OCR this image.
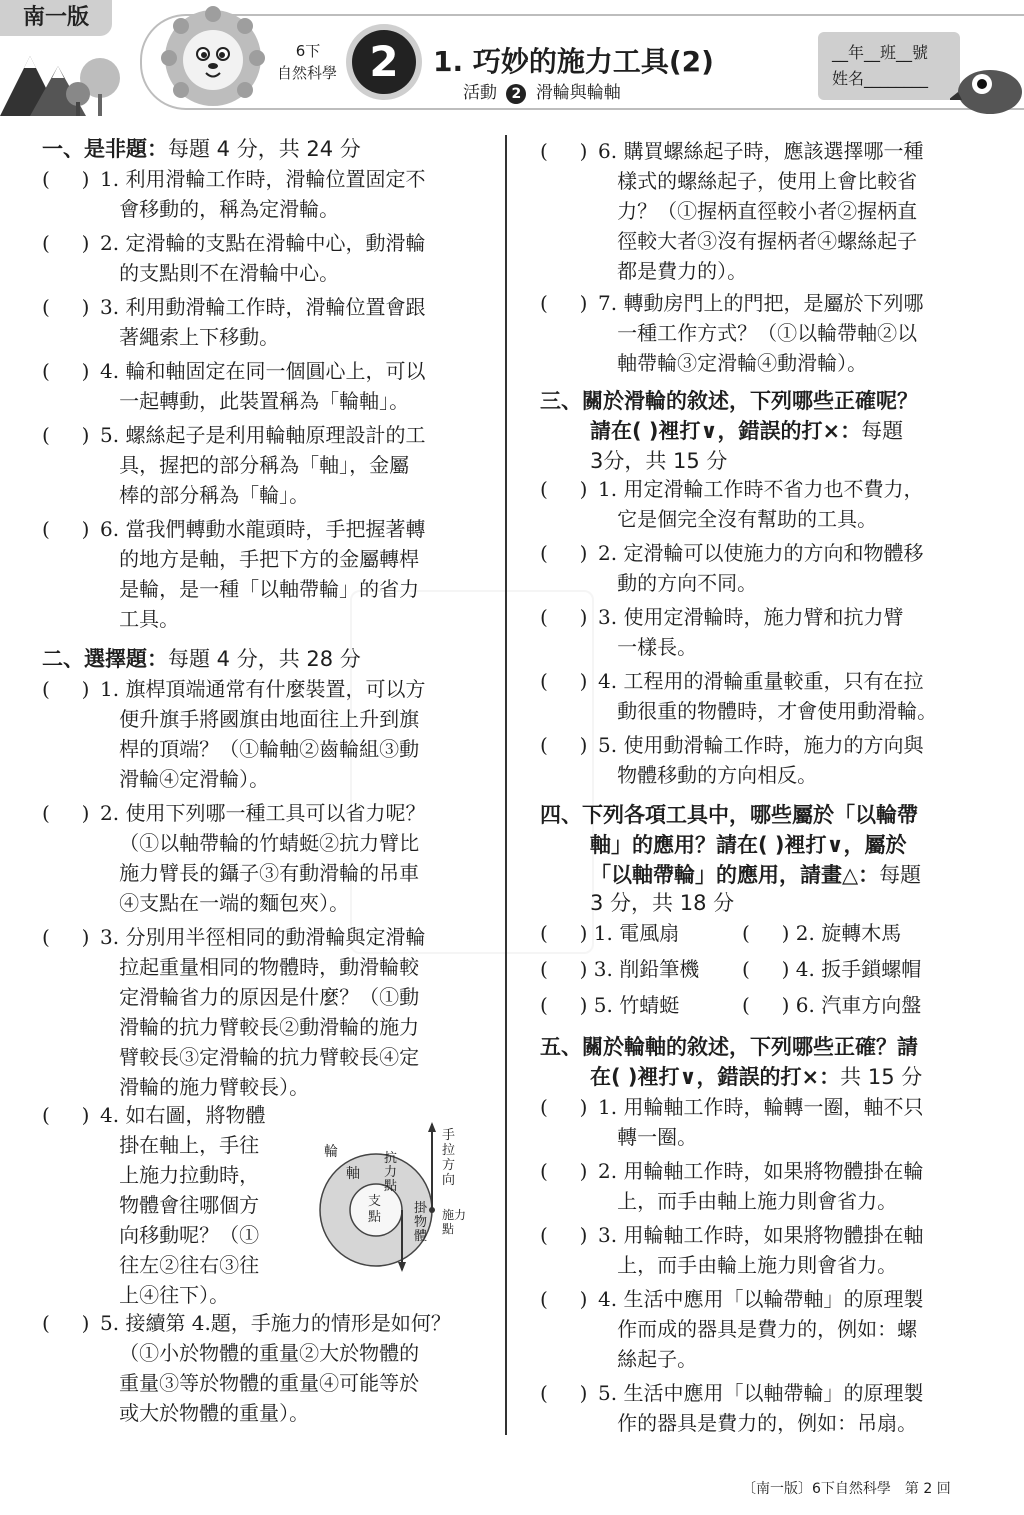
南一版
6下
自然科學 2	1. 巧妙的施力工具(2)
活動 2 滑輪與輪軸
__年__班__號
姓名________
一、是非題：每題 4 分，共 24 分
(     ) 1. 利用滑輪工作時，滑輪位置固定不
會移動的，稱為定滑輪。
(     ) 2. 定滑輪的支點在滑輪中心，動滑輪
的支點則不在滑輪中心。
(     ) 3. 利用動滑輪工作時，滑輪位置會跟
著繩索上下移動。
(     ) 4. 輪和軸固定在同一個圓心上，可以
一起轉動，此裝置稱為「輪軸」。
(     ) 5. 螺絲起子是利用輪軸原理設計的工
具，握把的部分稱為「軸」，金屬
棒的部分稱為「輪」。
(     ) 6. 當我們轉動水龍頭時，手把握著轉
的地方是軸，手把下方的金屬轉桿
是輪，是一種「以軸帶輪」的省力
工具。
二、選擇題：每題 4 分，共 28 分
(     ) 1. 旗桿頂端通常有什麼裝置，可以方
便升旗手將國旗由地面往上升到旗
桿的頂端？（①輪軸②齒輪組③動
滑輪④定滑輪）。
(     ) 2. 使用下列哪一種工具可以省力呢？
（①以軸帶輪的竹蜻蜓②抗力臂比
施力臂長的鑷子③有動滑輪的吊車
④支點在一端的麵包夾）。
(     ) 3. 分別用半徑相同的動滑輪與定滑輪
拉起重量相同的物體時，動滑輪較
定滑輪省力的原因是什麼？（①動
滑輪的抗力臂較長②動滑輪的施力
臂較長③定滑輪的抗力臂較長④定
滑輪的施力臂較長）。
(     ) 4. 如右圖，將物體
掛在軸上，手往
上施力拉動時，
物體會往哪個方
向移動呢？（①
往左②往右③往
上④往下）。
輪
軸
支點
抗力點
掛物體
手拉方向
施力點
(     ) 5. 接續第 4.題，手施力的情形是如何？
（①小於物體的重量②大於物體的
重量③等於物體的重量④可能等於
或大於物體的重量）。
(     ) 6. 購買螺絲起子時，應該選擇哪一種
樣式的螺絲起子，使用上會比較省
力？（①握柄直徑較小者②握柄直
徑較大者③沒有握柄者④螺絲起子
都是費力的）。
(     ) 7. 轉動房門上的門把，是屬於下列哪
一種工作方式？（①以輪帶軸②以
軸帶輪③定滑輪④動滑輪）。
三、關於滑輪的敘述，下列哪些正確呢？
請在( )裡打∨，錯誤的打×：每題
3分，共 15 分
(     ) 1. 用定滑輪工作時不省力也不費力，
它是個完全沒有幫助的工具。
(     ) 2. 定滑輪可以使施力的方向和物體移
動的方向不同。
(     ) 3. 使用定滑輪時，施力臂和抗力臂
一樣長。
(     ) 4. 工程用的滑輪重量較重，只有在拉
動很重的物體時，才會使用動滑輪。
(     ) 5. 使用動滑輪工作時，施力的方向與
物體移動的方向相反。
四、下列各項工具中，哪些屬於「以輪帶
軸」的應用？請在( )裡打∨，屬於
「以軸帶輪」的應用，請畫△：每題
3 分，共 18 分
(     ) 1. 電風扇	(     ) 2. 旋轉木馬
(     ) 3. 削鉛筆機 (     ) 4. 扳手鎖螺帽
(     ) 5. 竹蜻蜓	(     ) 6. 汽車方向盤
五、關於輪軸的敘述，下列哪些正確？請
在( )裡打∨，錯誤的打×：共 15 分
(     ) 1. 用輪軸工作時，輪轉一圈，軸不只
轉一圈。
(     ) 2. 用輪軸工作時，如果將物體掛在輪
上，而手由軸上施力則會省力。
(     ) 3. 用輪軸工作時，如果將物體掛在軸
上，而手由輪上施力則會省力。
(     ) 4. 生活中應用「以輪帶軸」的原理製
作而成的器具是費力的，例如：螺
絲起子。
(     ) 5. 生活中應用「以軸帶輪」的原理製
作的器具是費力的，例如：吊扇。
〔南一版〕6下自然科學　第 2 回
